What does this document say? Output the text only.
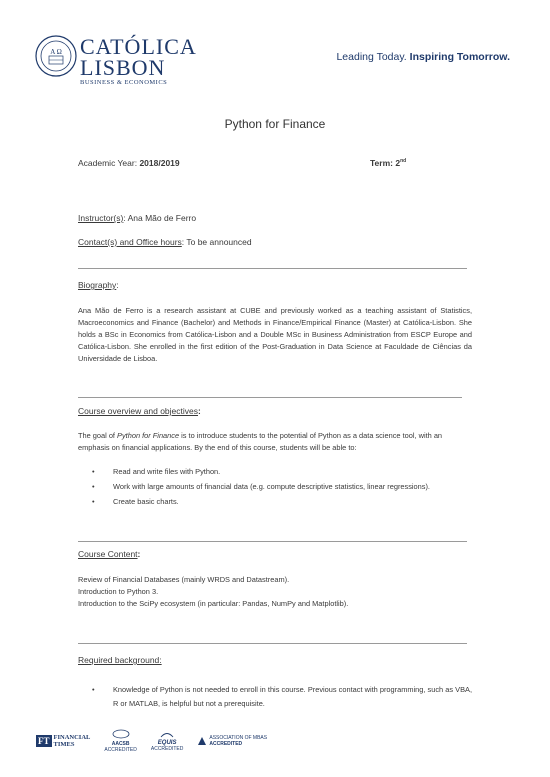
A Ω CATÓLICA
LISBON
BUSINESS & ECONOMICS
Leading Today. Inspiring Tomorrow.
Python for Finance
Academic Year: 2018/2019	Term: 2nd
Instructor(s): Ana Mão de Ferro
Contact(s) and Office hours: To be announced
Biography:
Ana Mão de Ferro is a research assistant at CUBE and previously worked as a teaching assistant of Statistics, Macroeconomics and Finance (Bachelor) and Methods in Finance/Empirical Finance (Master) at Católica-Lisbon. She holds a BSc in Economics from Católica-Lisbon and a Double MSc in Business Administration from ESCP Europe and Católica-Lisbon. She enrolled in the first edition of the Post-Graduation in Data Science at Faculdade de Ciências da Universidade de Lisboa.
Course overview and objectives:
The goal of Python for Finance is to introduce students to the potential of Python as a data science tool, with an emphasis on financial applications. By the end of this course, students will be able to:
• Read and write files with Python.
• Work with large amounts of financial data (e.g. compute descriptive statistics, linear regressions).
• Create basic charts.
Course Content:
Review of Financial Databases (mainly WRDS and Datastream).
Introduction to Python 3.
Introduction to the SciPy ecosystem (in particular: Pandas, NumPy and Matplotlib).
Required background:
• Knowledge of Python is not needed to enroll in this course. Previous contact with programming, such as VBA, R or MATLAB, is helpful but not a prerequisite.
FT FINANCIAL
TIMES	AACSB
ACCREDITED

EQUIS
ACCREDITED
ASSOCIATION OF MBAS
ACCREDITED
